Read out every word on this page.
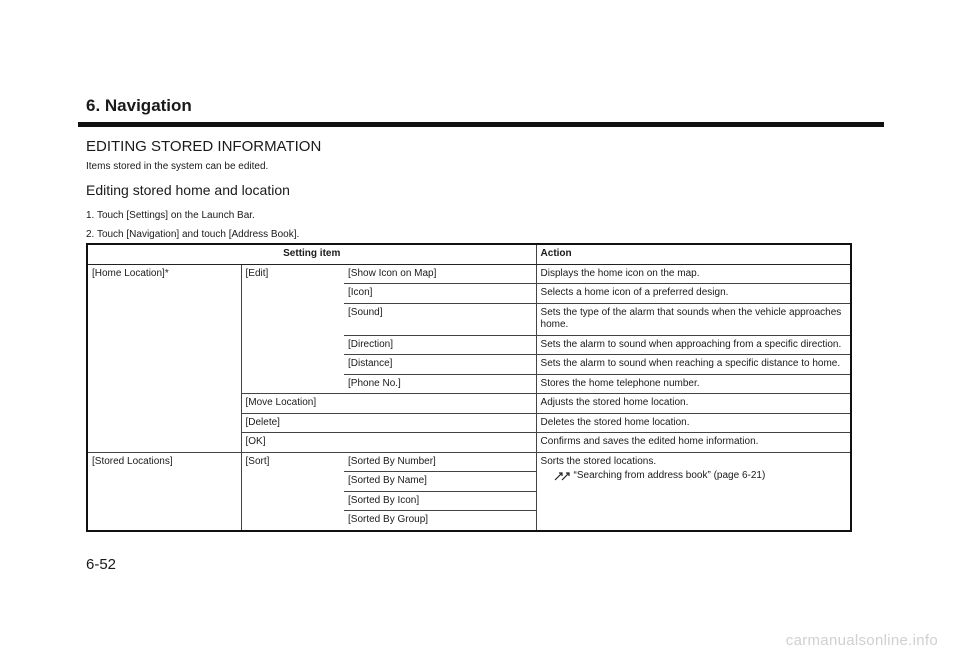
6. Navigation
EDITING STORED INFORMATION
Items stored in the system can be edited.
Editing stored home and location
1. Touch [Settings] on the Launch Bar.
2. Touch [Navigation] and touch [Address Book].
Setting item			Action
[Home Location]*	[Edit]	[Show Icon on Map]	Displays the home icon on the map.
		[Icon]	Selects a home icon of a preferred design.
		[Sound]	Sets the type of the alarm that sounds when the vehicle approaches home.
		[Direction]	Sets the alarm to sound when approaching from a specific direction.
		[Distance]	Sets the alarm to sound when reaching a specific distance to home.
		[Phone No.]	Stores the home telephone number.
	[Move Location]		Adjusts the stored home location.
	[Delete]		Deletes the stored home location.
	[OK]		Confirms and saves the edited home information.
[Stored Locations]	[Sort]	[Sorted By Number]	Sorts the stored locations.
“Searching from address book” (page 6-21)

		[Sorted By Name]	
		[Sorted By Icon]	
		[Sorted By Group]	
6-52
carmanualsonline.info
